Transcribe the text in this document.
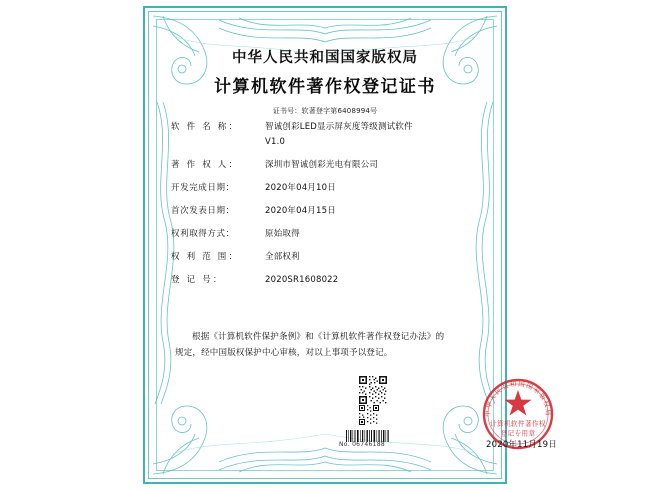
中华人民共和国国家版权局
计算机软件著作权登记证书
证书号：软著登字第6408994号
软 件 名 称：	智诚创彩LED显示屏灰度等级测试软件
V1.0
著 作 权 人：	深圳市智诚创彩光电有限公司
开发完成日期：	2020年04月10日
首次发表日期：	2020年04月15日
权利取得方式：	原始取得
权 利 范 围：	全部权利
登 记 号：	2020SR1608022
根据《计算机软件保护条例》和《计算机软件著作权登记办法》的
规定，经中国版权保护中心审核，对以上事项予以登记。
No. 06746188
中华人民共和国国家版权局
计算机软件著作权
登记专用章
2020年11月19日
